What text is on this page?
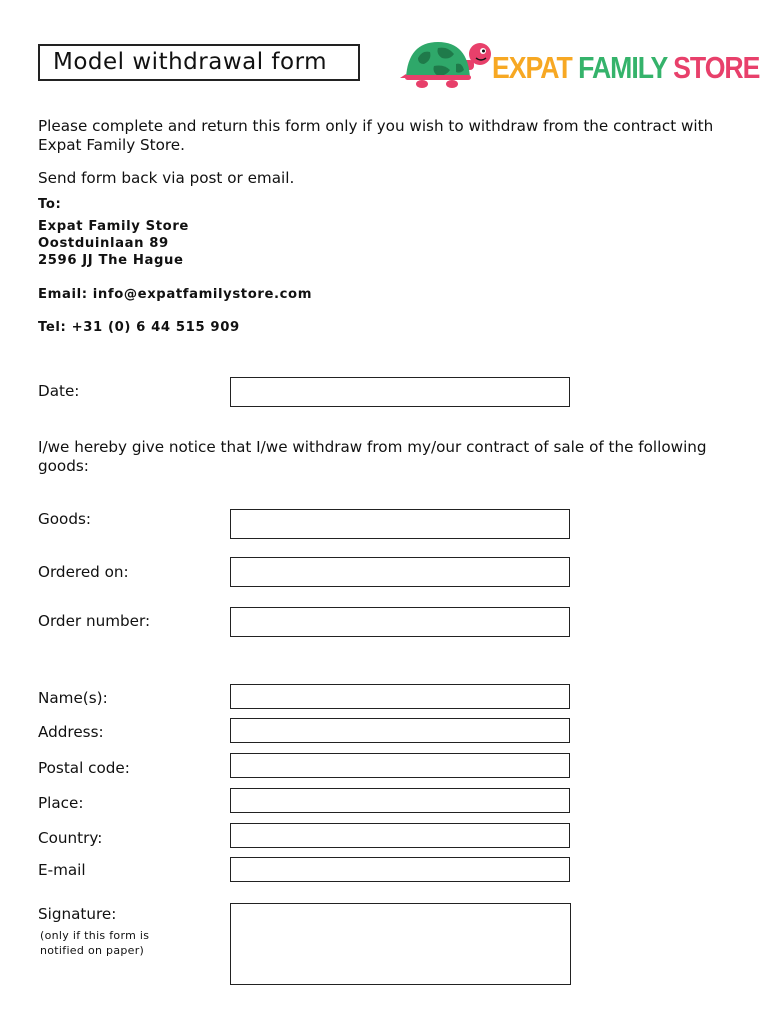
Model withdrawal form	EXPAT FAMILY STORE
Please complete and return this form only if you wish to withdraw from the contract with Expat Family Store.
Send form back via post or email.
To:
Expat Family Store
Oostduinlaan 89
2596 JJ The Hague
Email: info@expatfamilystore.com
Tel: +31 (0) 6 44 515 909
Date:
I/we hereby give notice that I/we withdraw from my/our contract of sale of the following goods:
Goods:
Ordered on:
Order number:
Name(s):
Address:
Postal code:
Place:
Country:
E-mail
Signature:
(only if this form is
notified on paper)
